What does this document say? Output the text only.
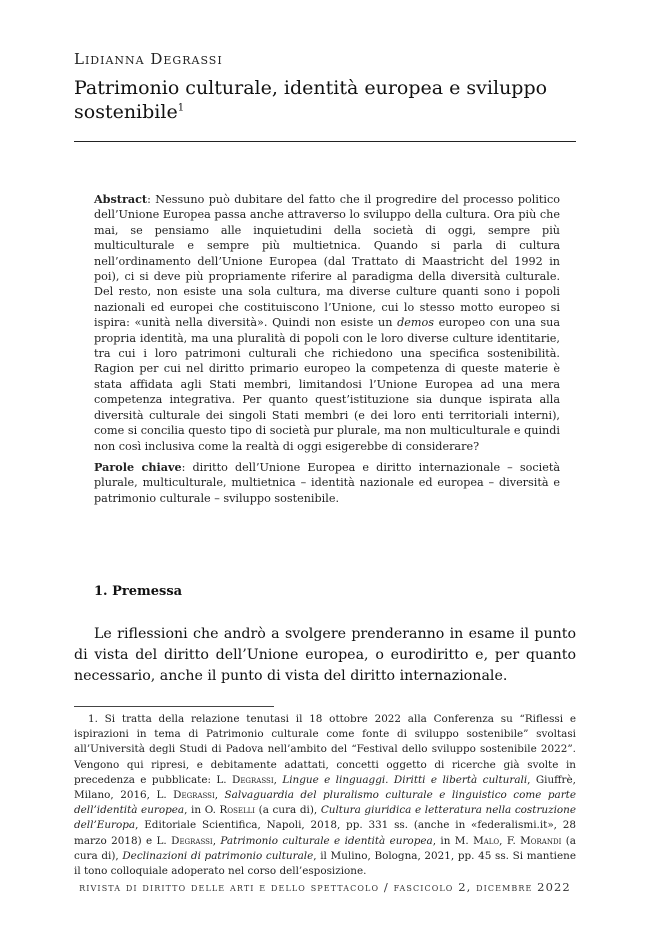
Lidianna Degrassi
Patrimonio culturale, identità europea e sviluppo sostenibile$^1$

Abstract: Nessuno può dubitare del fatto che il progredire del processo politico dell’Unione Europea passa anche attraverso lo sviluppo della cultura. Ora più che mai, se pensiamo alle inquietudini della società di oggi, sempre più multiculturale e sempre più multietnica. Quando si parla di cultura nell’ordinamento dell’Unione Europea (dal Trattato di Maastricht del 1992 in poi), ci si deve più propriamente riferire al paradigma della diversità culturale. Del resto, non esiste una sola cultura, ma diverse culture quanti sono i popoli nazionali ed europei che costituiscono l’Unione, cui lo stesso motto europeo si ispira: «unità nella diversità». Quindi non esiste un demos europeo con una sua propria identità, ma una pluralità di popoli con le loro diverse culture identitarie, tra cui i loro patrimoni culturali che richiedono una specifica sostenibilità. Ragion per cui nel diritto primario europeo la competenza di queste materie è stata affidata agli Stati membri, limitandosi l’Unione Europea ad una mera competenza integrativa. Per quanto quest’istituzione sia dunque ispirata alla diversità culturale dei singoli Stati membri (e dei loro enti territoriali interni), come si concilia questo tipo di società pur plurale, ma non multiculturale e quindi non così inclusiva come la realtà di oggi esigerebbe di considerare?

Parole chiave: diritto dell’Unione Europea e diritto internazionale – società plurale, multiculturale, multietnica – identità nazionale ed europea – diversità e patrimonio culturale – sviluppo sostenibile.

1. Premessa
Le riflessioni che andrò a svolgere prenderanno in esame il punto di vista del diritto dell’Unione europea, o eurodiritto e, per quanto necessario, anche il punto di vista del diritto internazionale.
1. Si tratta della relazione tenutasi il 18 ottobre 2022 alla Conferenza su “Riflessi e ispirazioni in tema di Patrimonio culturale come fonte di sviluppo sostenibile” svoltasi all’Università degli Studi di Padova nell’ambito del “Festival dello sviluppo sostenibile 2022”. Vengono qui ripresi, e debitamente adattati, concetti oggetto di ricerche già svolte in precedenza e pubblicate: L. Degrassi, Lingue e linguaggi. Diritti e libertà culturali, Giuffrè, Milano, 2016, L. Degrassi, Salvaguardia del pluralismo culturale e linguistico come parte dell’identità europea, in O. Roselli (a cura di), Cultura giuridica e letteratura nella costruzione dell’Europa, Editoriale Scientifica, Napoli, 2018, pp. 331 ss. (anche in «federalismi.it», 28 marzo 2018) e L. Degrassi, Patrimonio culturale e identità europea, in M. Malo, F. Morandi (a cura di), Declinazioni di patrimonio culturale, il Mulino, Bologna, 2021, pp. 45 ss. Si mantiene il tono colloquiale adoperato nel corso dell’esposizione.
rivista di diritto delle arti e dello spettacolo / fascicolo 2, dicembre 2022
